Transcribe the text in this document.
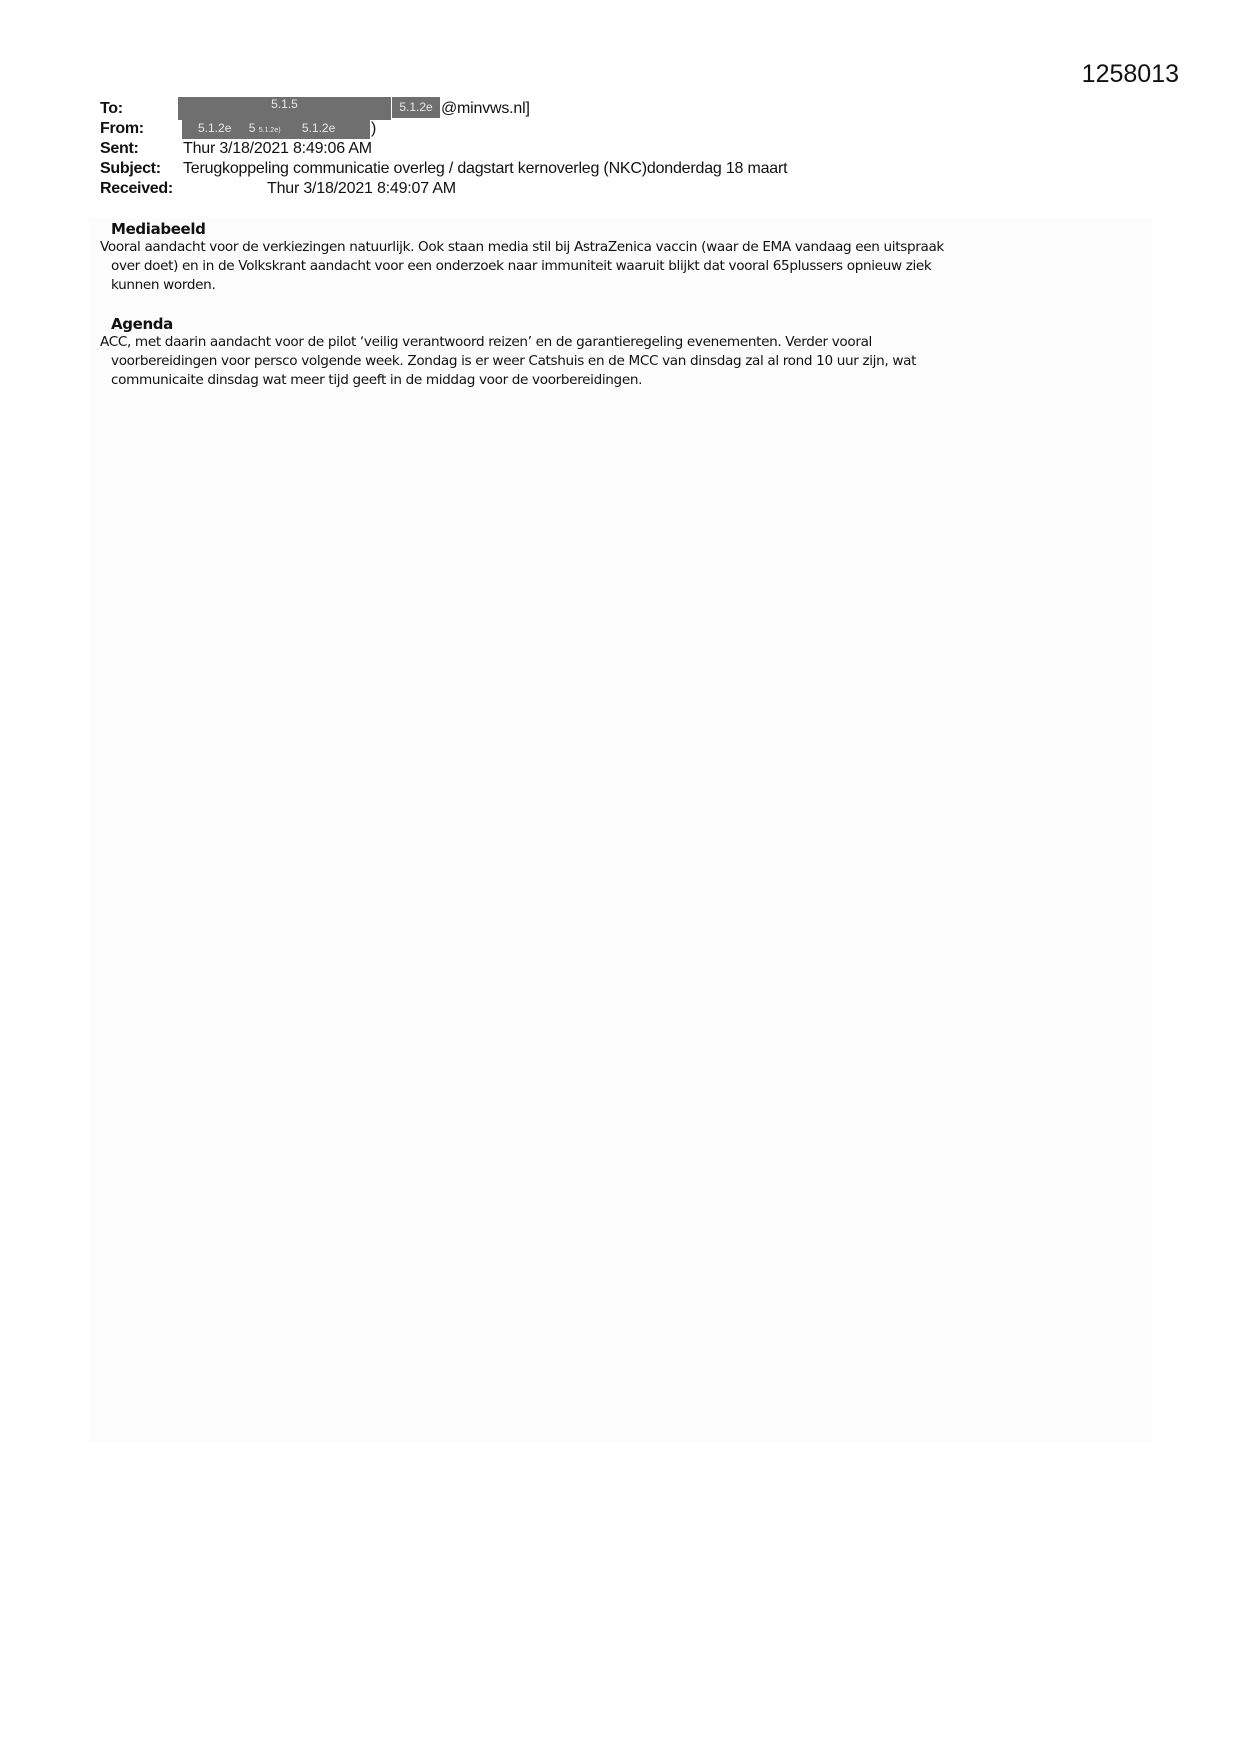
1258013
To:	5.1.5	5.1.2e @minvws.nl]
From:	5.1.2e 5 5.1.2e) 5.1.2e	)
Sent:	Thur 3/18/2021 8:49:06 AM
Subject: Terugkoppeling communicatie overleg / dagstart kernoverleg (NKC)donderdag 18 maart
Received:	Thur 3/18/2021 8:49:07 AM
Mediabeeld
Vooral aandacht voor de verkiezingen natuurlijk. Ook staan media stil bij AstraZenica vaccin (waar de EMA vandaag een uitspraak
over doet) en in de Volkskrant aandacht voor een onderzoek naar immuniteit waaruit blijkt dat vooral 65plussers opnieuw ziek
kunnen worden.
Agenda
ACC, met daarin aandacht voor de pilot ‘veilig verantwoord reizen’ en de garantieregeling evenementen. Verder vooral
voorbereidingen voor persco volgende week. Zondag is er weer Catshuis en de MCC van dinsdag zal al rond 10 uur zijn, wat
communicaite dinsdag wat meer tijd geeft in de middag voor de voorbereidingen.
